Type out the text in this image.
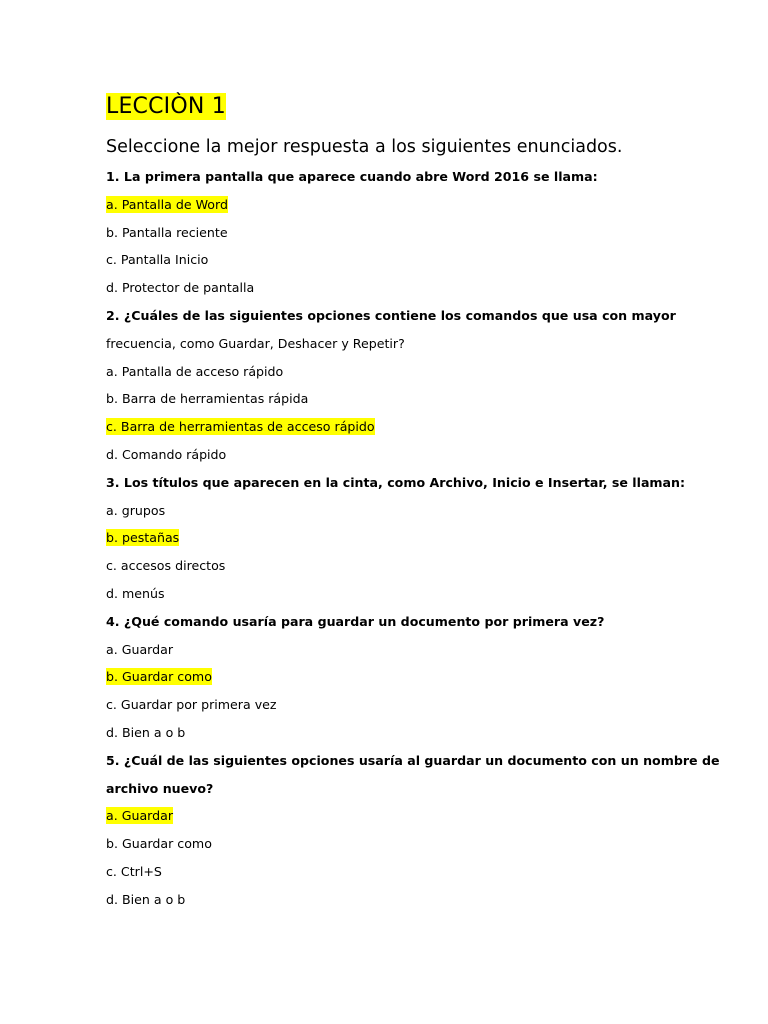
LECCIÒN 1
Seleccione la mejor respuesta a los siguientes enunciados.
1. La primera pantalla que aparece cuando abre Word 2016 se llama:
a. Pantalla de Word
b. Pantalla reciente
c. Pantalla Inicio
d. Protector de pantalla
2. ¿Cuáles de las siguientes opciones contiene los comandos que usa con mayor
frecuencia, como Guardar, Deshacer y Repetir?
a. Pantalla de acceso rápido
b. Barra de herramientas rápida
c. Barra de herramientas de acceso rápido
d. Comando rápido
3. Los títulos que aparecen en la cinta, como Archivo, Inicio e Insertar, se llaman:
a. grupos
b. pestañas
c. accesos directos
d. menús
4. ¿Qué comando usaría para guardar un documento por primera vez?
a. Guardar
b. Guardar como
c. Guardar por primera vez
d. Bien a o b
5. ¿Cuál de las siguientes opciones usaría al guardar un documento con un nombre de
archivo nuevo?
a. Guardar
b. Guardar como
c. Ctrl+S
d. Bien a o b
